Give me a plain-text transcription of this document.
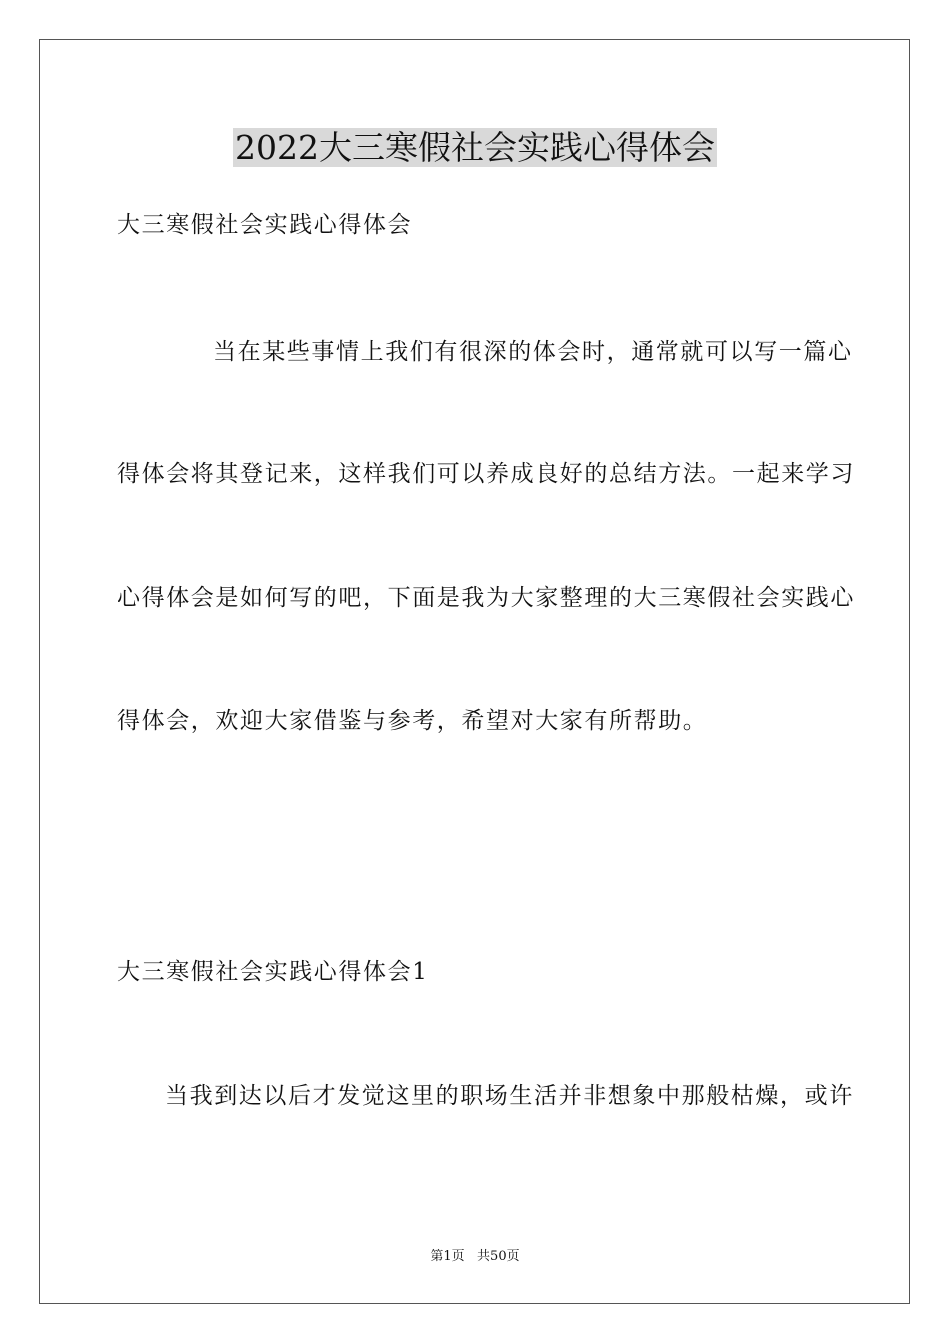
2022大三寒假社会实践心得体会
大三寒假社会实践心得体会
当在某些事情上我们有很深的体会时，通常就可以写一篇心
得体会将其登记来，这样我们可以养成良好的总结方法。一起来学习
心得体会是如何写的吧，下面是我为大家整理的大三寒假社会实践心
得体会，欢迎大家借鉴与参考，希望对大家有所帮助。
大三寒假社会实践心得体会1
当我到达以后才发觉这里的职场生活并非想象中那般枯燥，或许
第1页   共50页
